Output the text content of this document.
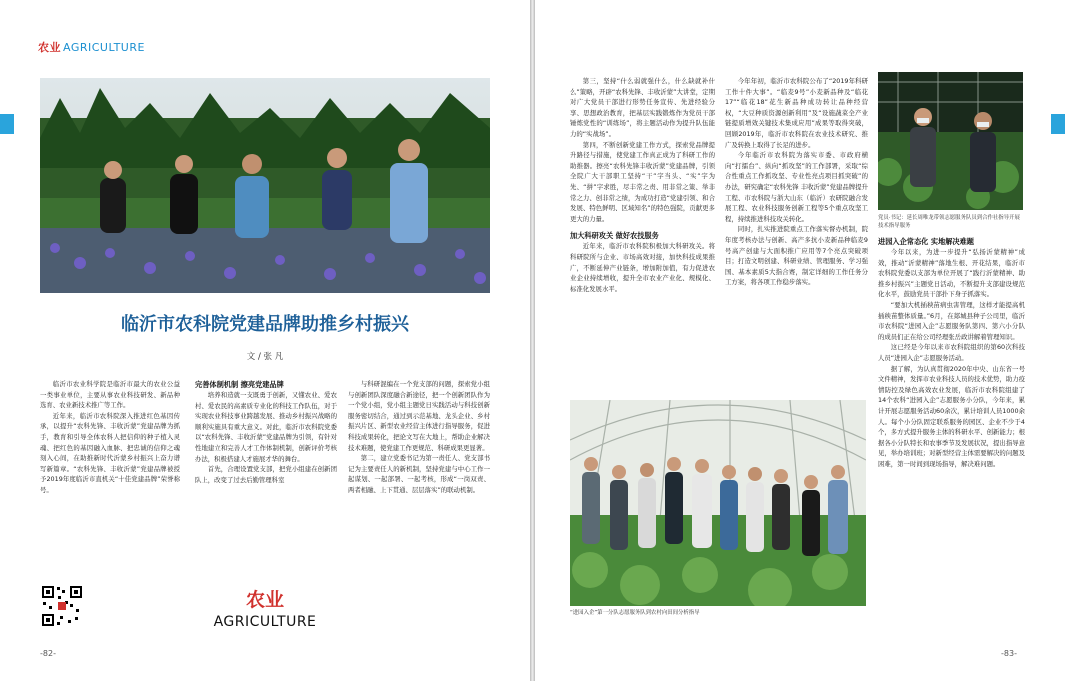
农业 AGRICULTURE
临沂市农科院党建品牌助推乡村振兴
文 / 张 凡

临沂市农业科学院是临沂市最大的农业公益一类事业单位，主要从事农业科技研发、新品种选育、农业新技术推广等工作。

近年来，临沂市农科院深入推进红色基因传承，以提升“农科先锋、丰收沂蒙”党建品牌为抓手，教育和引导全体农科人把信仰的种子植入灵魂、把红色的基因融入血脉、把忠诚的信仰之魂刻入心间，在助推新时代沂蒙乡村振兴上奋力谱写新篇章。“农科先锋、丰收沂蒙”党建品牌被授予2019年度临沂市直机关“十佳党建品牌”荣誉称号。

完善体制机制 擦亮党建品牌

培养和造就一支既勇于创新，又懂农业、爱农村、爱农民的高素质专业化的科技工作队伍，对于实现农业科技事业跨越发展、推动乡村振兴战略的顺利实施具有重大意义。对此，临沂市农科院党委以“农科先锋、丰收沂蒙”党建品牌为引领，有针对性地建立和完善人才工作体制机制，创新评价考核办法，积极搭建人才施展才华的舞台。

首先，合理设置党支部，把党小组建在创新团队上，改变了过去后勤管理科室

与科研混编在一个党支部的问题，探索党小组与创新团队深度融合新途径，把一个创新团队作为一个党小组，党小组主题党日实践活动与科技创新服务密切结合，通过到示范基地、龙头企业、乡村振兴片区、新型农业经营主体进行指导服务，促进科技成果转化，把论文写在大地上，帮助企业解决技术难题，使党建工作更规范、科研成果更显著。

第二，建立党委书记为第一责任人、党支部书记为主要责任人的新机制，坚持党建与中心工作一起谋划、一起部署、一起考核，形成“一岗双责、两者相融、上下贯通、层层落实”的联动机制。

农业
AGRICULTURE
-82-

第三，坚持“什么弱就强什么，什么缺就补什么”策略，开辟“农科先锋、丰收沂蒙”大讲堂，定期对广大党员干部进行形势任务宣传、先进经验分享、思想政治教育，把基层实践锻炼作为党员干部锤炼党性的“训练场”，将主题活动作为提升队伍能力的“实战场”。

第四，不断创新党建工作方式，探索党品牌提升路径与措施，使党建工作真正成为了科研工作的助推器。擦亮“农科先锋丰收沂蒙”党建品牌，引领全院广大干部职工坚持“干”字当头、“实”字为先、“拼”字求胜，尽丰常之责、用非常之策、举非常之力、创非常之绩，为成功打造“党建引领、和合发展、特色鲜明、区域知名”的特色强院，贡献更多更大的力量。

加大科研攻关 做好农技服务

近年来，临沂市农科院积极加大科研攻关。将科研院所与企业、市场高效对接，加快科技成果推广，不断延伸产业链条，增加附加值，有力促进农业企业持续增收，提升全市农业产业化、规模化、标准化发展水平。

今年年初，临沂市农科院公布了“2019年科研工作十件大事”。“临麦9号”小麦新品种及“临花17”“临花18”花生新品种成功转让品种经营权，“大豆种质资源创新利用”及“设施蔬菜全产业链提质增效关键技术集成应用”成果等取得突破，回顾2019年，临沂市农科院在农业技术研究、推广及转换上取得了长足的进步。

今年临沂市农科院为落实市委、市政府横向“打擂台”、纵向“抓攻坚”的工作部署，采取“综合性重点工作抓攻坚、专业性亮点项目抓突破”的办法，研究确定“农科先锋 丰收沂蒙”党建品牌提升工程、市农科院与浙大山东（临沂）农研院融合发展工程、农业科技服务创新工程等5个重点攻坚工程，持续推进科技攻关转化。

同时，扎实推进院重点工作落实督办机制，院年度考核办法与创新、高产多抗小麦新品种临麦9号高产创建与大面积推广应用等7个亮点突破项目；打造文明创建、科研业绩、管理服务、学习强国、基本素质5大指合赛，制定详细的工作任务分工方案，将各项工作稳步落实。

党员·书记：延长周唯龙带领志愿服务队员到合作社指导开展技术指导服务
进园入企常态化 实地解决难题

今年以来，为进一步提升“弘扬沂蒙精神”成效，推动“沂蒙精神”落地生根、开花结果，临沂市农科院党委以支部为单位开展了“践行沂蒙精神、助推乡村振兴”主题党日活动，不断提升支部建设规范化水平，鼓励党员干部扑下身子抓落实。

“要加大机插秧苗病虫害管理，这样才能提高机插秧苗整体质量。”6月，在郯城县种子公司里，临沂市农科院“进园入企”志愿服务队第四、第六小分队的成员们正在给公司经理张岳政讲解着管理知识。

这已经是今年以来市农科院组织的第60次科技人员“进园入企”志愿服务活动。

据了解，为认真贯彻2020年中央、山东省一号文件精神，发挥市农业科技人员的技术优势，助力疫情防控及绿色高效农业发展，临沂市农科院组建了14个农科“进园入企”志愿服务小分队，今年来，累计开展志愿服务活动60余次，累计培训人员1000余人。每个小分队固定联系服务的园区、企业不少于4个，多方式提升服务主体的科研水平、创新能力；根据各小分队特长和农事季节及发展状况，提出指导意见，举办培训班；对新型经营主体需要解决的问题及困难，第一时间到现场指导，解决难问题。

“进园入企”第一分队志愿服务队到农村向田间分析指导
-83-
